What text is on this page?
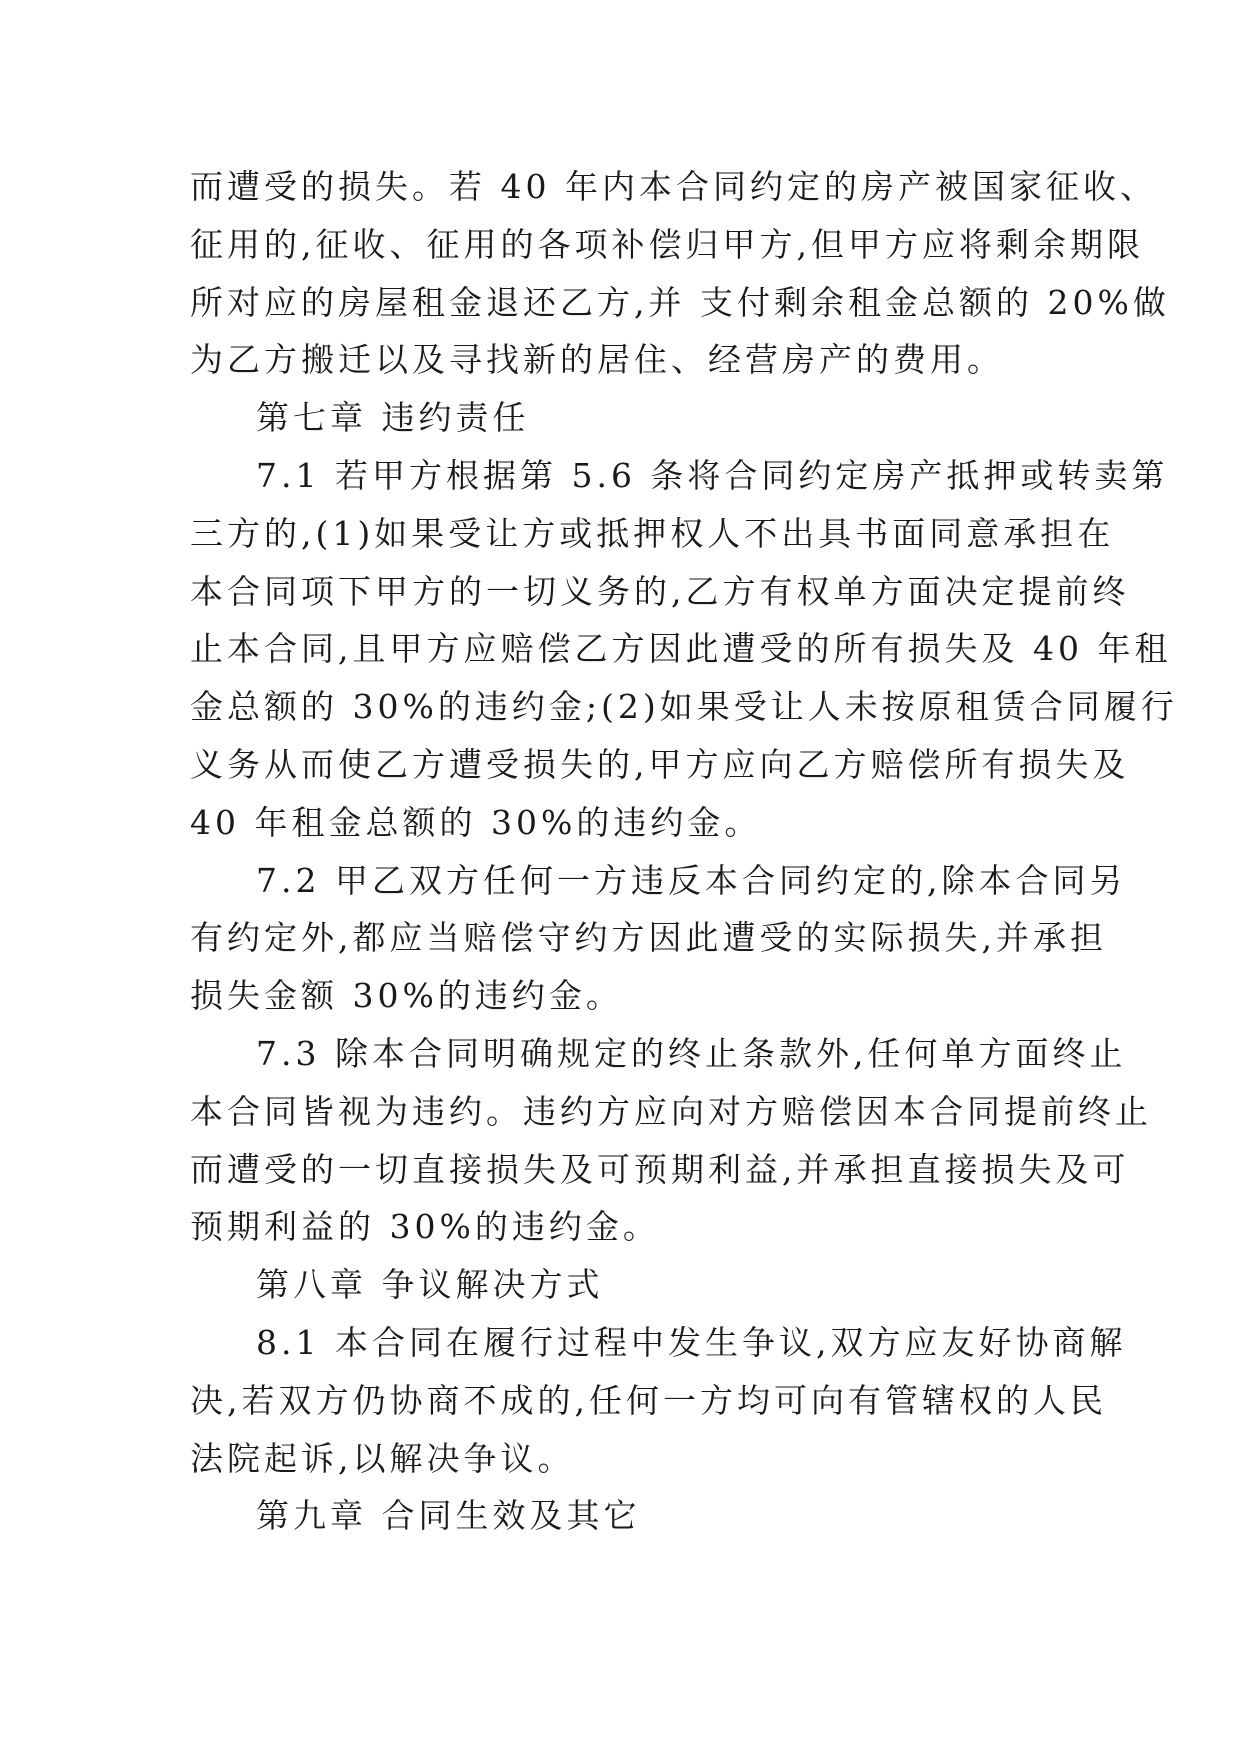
而遭受的损失。若 40 年内本合同约定的房产被国家征收、
征用的,征收、征用的各项补偿归甲方,但甲方应将剩余期限
所对应的房屋租金退还乙方,并 支付剩余租金总额的 20%做
为乙方搬迁以及寻找新的居住、经营房产的费用。
第七章 违约责任
7.1 若甲方根据第 5.6 条将合同约定房产抵押或转卖第
三方的,(1)如果受让方或抵押权人不出具书面同意承担在
本合同项下甲方的一切义务的,乙方有权单方面决定提前终
止本合同,且甲方应赔偿乙方因此遭受的所有损失及 40 年租
金总额的 30%的违约金;(2)如果受让人未按原租赁合同履行
义务从而使乙方遭受损失的,甲方应向乙方赔偿所有损失及
40 年租金总额的 30%的违约金。
7.2 甲乙双方任何一方违反本合同约定的,除本合同另
有约定外,都应当赔偿守约方因此遭受的实际损失,并承担
损失金额 30%的违约金。
7.3 除本合同明确规定的终止条款外,任何单方面终止
本合同皆视为违约。违约方应向对方赔偿因本合同提前终止
而遭受的一切直接损失及可预期利益,并承担直接损失及可
预期利益的 30%的违约金。
第八章 争议解决方式
8.1 本合同在履行过程中发生争议,双方应友好协商解
决,若双方仍协商不成的,任何一方均可向有管辖权的人民
法院起诉,以解决争议。
第九章 合同生效及其它
